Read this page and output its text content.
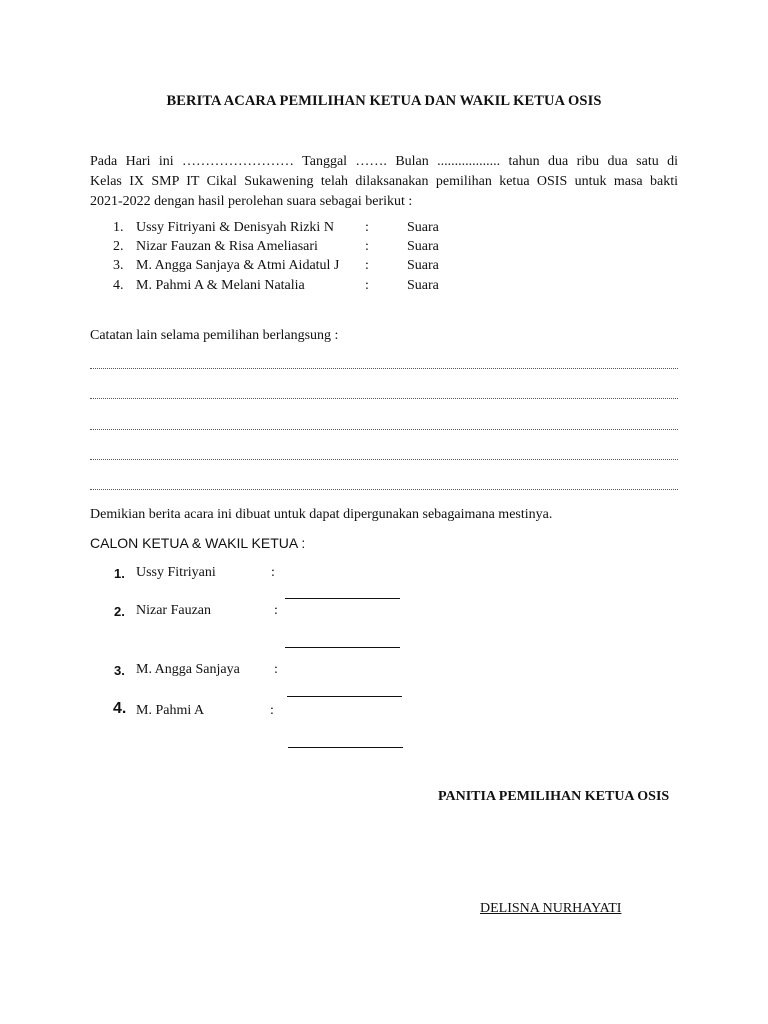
BERITA ACARA PEMILIHAN KETUA DAN WAKIL KETUA OSIS
Pada Hari ini …………………… Tanggal ……. Bulan .................. tahun dua ribu dua satu di
Kelas IX SMP IT Cikal Sukawening telah dilaksanakan pemilihan ketua OSIS untuk masa bakti
2021-2022 dengan hasil perolehan suara sebagai berikut :
1. Ussy Fitriyani & Denisyah Rizki N :	Suara
2. Nizar Fauzan & Risa Ameliasari	:	Suara
3. M. Angga Sanjaya & Atmi Aidatul J :	Suara
4. M. Pahmi A & Melani Natalia	:	Suara
Catatan lain selama pemilihan berlangsung :
Demikian berita acara ini dibuat untuk dapat dipergunakan sebagaimana mestinya.
CALON KETUA & WAKIL KETUA :
1. Ussy Fitriyani	:
2. Nizar Fauzan	:
3. M. Angga Sanjaya :
4. M. Pahmi A	:
PANITIA PEMILIHAN KETUA OSIS
DELISNA NURHAYATI
